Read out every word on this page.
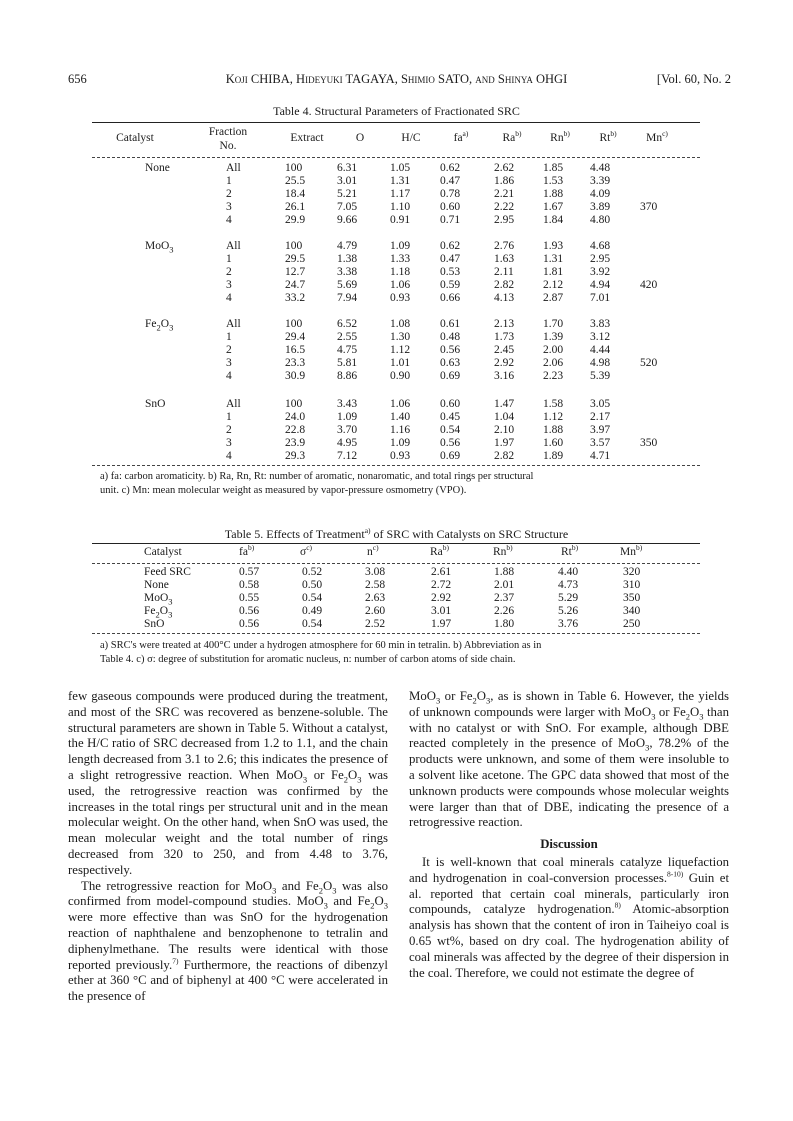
656	Koji CHIBA, Hideyuki TAGAYA, Shimio SATO, and Shinya OHGI	[Vol. 60, No. 2
Table 4. Structural Parameters of Fractionated SRC
Catalyst	Fraction
No.
Extract	O	H/C	$fa^{a)}$	Ra$^{b)}$	Rn$^{b)}$	Rt$^{b)}$	Mn$^{c)}$
None	All	100	6.31	1.05	0.62	2.62	1.85 4.48
1	25.5	3.01	1.31	0.47	1.86	1.53 3.39
2	18.4	5.21	1.17	0.78	2.21	1.88 4.09
3	26.1	7.05	1.10	0.60	2.22	1.67 3.89	370
4	29.9	9.66	0.91	0.71	2.95	1.84 4.80
MoO$_3$	All	100	4.79	1.09	0.62	2.76	1.93 4.68
1	29.5	1.38	1.33	0.47	1.63	1.31 2.95
2	12.7	3.38	1.18	0.53	2.11	1.81 3.92
3	24.7	5.69	1.06	0.59	2.82	2.12 4.94	420
4	33.2	7.94	0.93	0.66	4.13	2.87 7.01
$Fe_2O_3$	All	100	6.52	1.08	0.61	2.13	1.70 3.83
1	29.4	2.55	1.30	0.48	1.73	1.39 3.12
2	16.5	4.75	1.12	0.56	2.45	2.00 4.44
3	23.3	5.81	1.01	0.63	2.92	2.06 4.98	520
4	30.9	8.86	0.90	0.69	3.16	2.23 5.39
SnO	All	100	3.43	1.06	0.60	1.47	1.58 3.05
1	24.0	1.09	1.40	0.45	1.04	1.12 2.17
2	22.8	3.70	1.16	0.54	2.10	1.88 3.97
3	23.9	4.95	1.09	0.56	1.97	1.60 3.57	350
4	29.3	7.12	0.93	0.69	2.82	1.89 4.71
a) fa: carbon aromaticity. b) Ra, Rn, Rt: number of aromatic, nonaromatic, and total rings per structural
unit. c) Mn: mean molecular weight as measured by vapor-pressure osmometry (VPO).
Table 5. Effects of Treatment$^{a)}$ of SRC with Catalysts on SRC Structure
Catalyst	$fa^{b)}$	$\sigma^{c)}$	$n^{c)}$	Ra$^{b)}$	Rn$^{b)}$	Rt$^{b)}$	Mn$^{b)}$
Feed SRC	0.57	0.52	3.08	2.61	1.88	4.40	320
None	0.58	0.50	2.58	2.72	2.01	4.73	310
MoO$_3$	0.55	0.54	2.63	2.92	2.37	5.29	350
$Fe_2O_3$	0.56	0.49	2.60	3.01	2.26	5.26	340
SnO	0.56	0.54	2.52	1.97	1.80	3.76	250
a) SRC's were treated at 400°C under a hydrogen atmosphere for 60 min in tetralin. b) Abbreviation as in
Table 4. c) σ: degree of substitution for aromatic nucleus, n: number of carbon atoms of side chain.

few gaseous compounds were produced during the treatment, and most of the SRC was recovered as benzene-soluble. The structural parameters are shown in Table 5. Without a catalyst, the H/C ratio of SRC decreased from 1.2 to 1.1, and the chain length decreased from 3.1 to 2.6; this indicates the presence of a slight retrogressive reaction. When MoO$_3$ or $Fe_2O_3$ was used, the retrogressive reaction was confirmed by the increases in the total rings per structural unit and in the mean molecular weight. On the other hand, when SnO was used, the mean molecular weight and the total number of rings decreased from 320 to 250, and from 4.48 to 3.76, respectively.

The retrogressive reaction for MoO$_3$ and $Fe_2O_3$ was also confirmed from model-compound studies. MoO$_3$ and $Fe_2O_3$ were more effective than was SnO for the hydrogenation reaction of naphthalene and benzophenone to tetralin and diphenylmethane. The results were identical with those reported previously.$^{7)}$ Furthermore, the reactions of dibenzyl ether at 360 °C and of biphenyl at 400 °C were accelerated in the presence of

MoO$_3$ or $Fe_2O_3$, as is shown in Table 6. However, the yields of unknown compounds were larger with MoO$_3$ or $Fe_2O_3$ than with no catalyst or with SnO. For example, although DBE reacted completely in the presence of MoO$_3$, 78.2% of the products were unknown, and some of them were insoluble to a solvent like acetone. The GPC data showed that most of the unknown products were compounds whose molecular weights were larger than that of DBE, indicating the presence of a retrogressive reaction.

Discussion

It is well-known that coal minerals catalyze liquefaction and hydrogenation in coal-conversion processes.$^{8-10)}$ Guin et al. reported that certain coal minerals, particularly iron compounds, catalyze hydrogenation.$^{8)}$ Atomic-absorption analysis has shown that the content of iron in Taiheiyo coal is 0.65 wt%, based on dry coal. The hydrogenation ability of coal minerals was affected by the degree of their dispersion in the coal. Therefore, we could not estimate the degree of
